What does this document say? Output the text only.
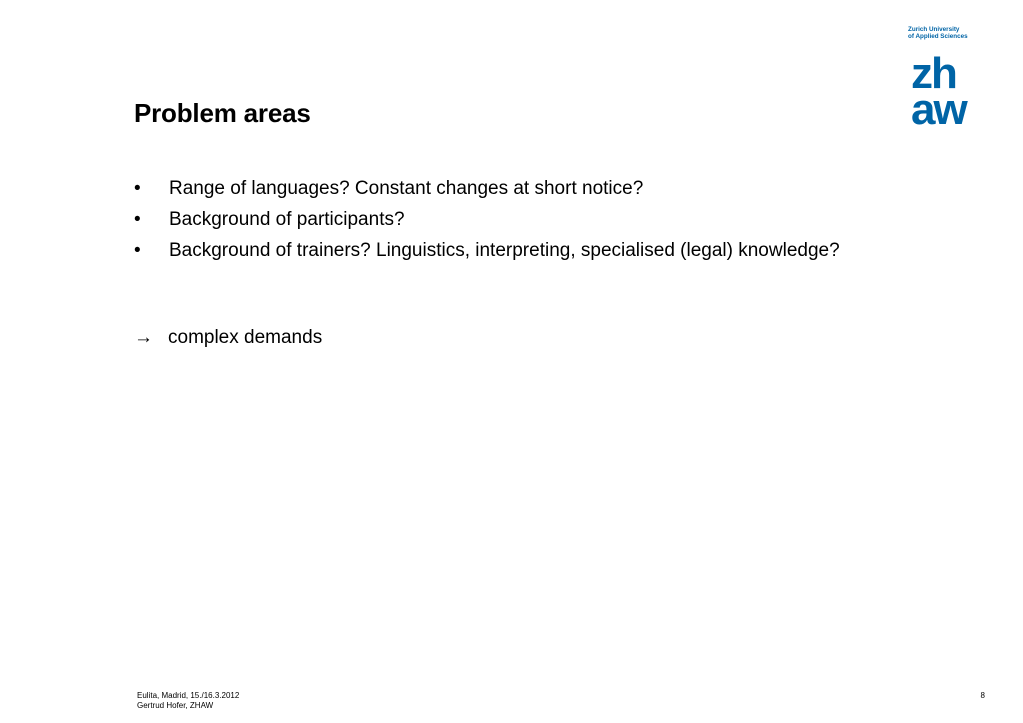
Zurich University
of Applied Sciences
zh
aw
Problem areas
• Range of languages? Constant changes at short notice?
• Background of participants?
• Background of trainers? Linguistics, interpreting, specialised (legal) knowledge?
→ complex demands
Eulita, Madrid, 15./16.3.2012
Gertrud Hofer, ZHAW
8
